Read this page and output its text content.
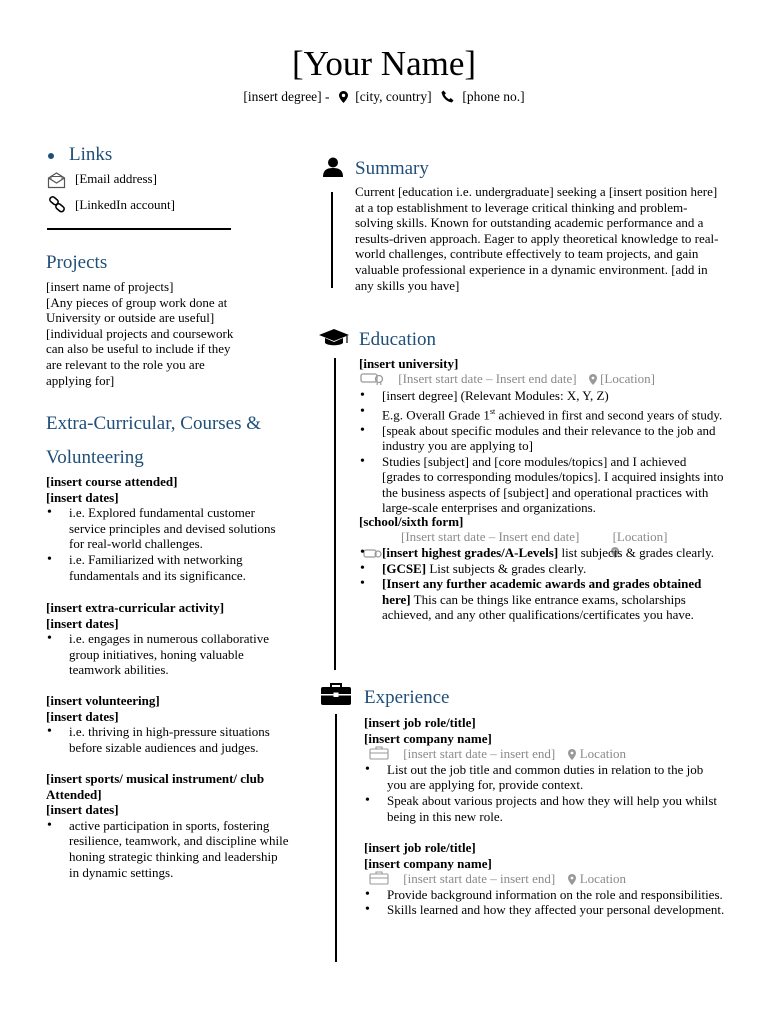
[Your Name]
[insert degree] - [city, country] [phone no.]
Links
[Email address]
[LinkedIn account]
Projects
[insert name of projects]
[Any pieces of group work done at
University or outside are useful]
[individual projects and coursework
can also be useful to include if they
are relevant to the role you are
applying for]
Extra-Curricular, Courses &
Volunteering
[insert course attended]
[insert dates]
• i.e. Explored fundamental customer
service principles and devised solutions
for real-world challenges.
• i.e. Familiarized with networking
fundamentals and its significance.
[insert extra-curricular activity]
[insert dates]
• i.e. engages in numerous collaborative
group initiatives, honing valuable
teamwork abilities.
[insert volunteering]
[insert dates]
• i.e. thriving in high-pressure situations
before sizable audiences and judges.
[insert sports/ musical instrument/ club
Attended]
[insert dates]
• active participation in sports, fostering
resilience, teamwork, and discipline while
honing strategic thinking and leadership
in dynamic settings.
Summary
Current [education i.e. undergraduate] seeking a [insert position here]
at a top establishment to leverage critical thinking and problem-
solving skills. Known for outstanding academic performance and a
results-driven approach. Eager to apply theoretical knowledge to real-
world challenges, contribute effectively to team projects, and gain
valuable professional experience in a dynamic environment. [add in
any skills you have]
Education
[insert university]
[Insert start date – Insert end date] [Location]
• [insert degree] (Relevant Modules: X, Y, Z)
• E.g. Overall Grade 1st achieved in first and second years of study.
• [speak about specific modules and their relevance to the job and
industry you are applying to]
• Studies [subject] and [core modules/topics] and I achieved
[grades to corresponding modules/topics]. I acquired insights into
the business aspects of [subject] and operational practices with
large-scale enterprises and organizations.
[school/sixth form]
[Insert start date – Insert end date]	[Location]
• [insert highest grades/A-Levels] list subjects & grades clearly.
• [GCSE] List subjects & grades clearly.
• [Insert any further academic awards and grades obtained
here] This can be things like entrance exams, scholarships
achieved, and any other qualifications/certificates you have.
Experience
[insert job role/title]
[insert company name]
[insert start date – insert end] Location
• List out the job title and common duties in relation to the job
you are applying for, provide context.
• Speak about various projects and how they will help you whilst
being in this new role.
[insert job role/title]
[insert company name]
[insert start date – insert end] Location
• Provide background information on the role and responsibilities.
• Skills learned and how they affected your personal development.
